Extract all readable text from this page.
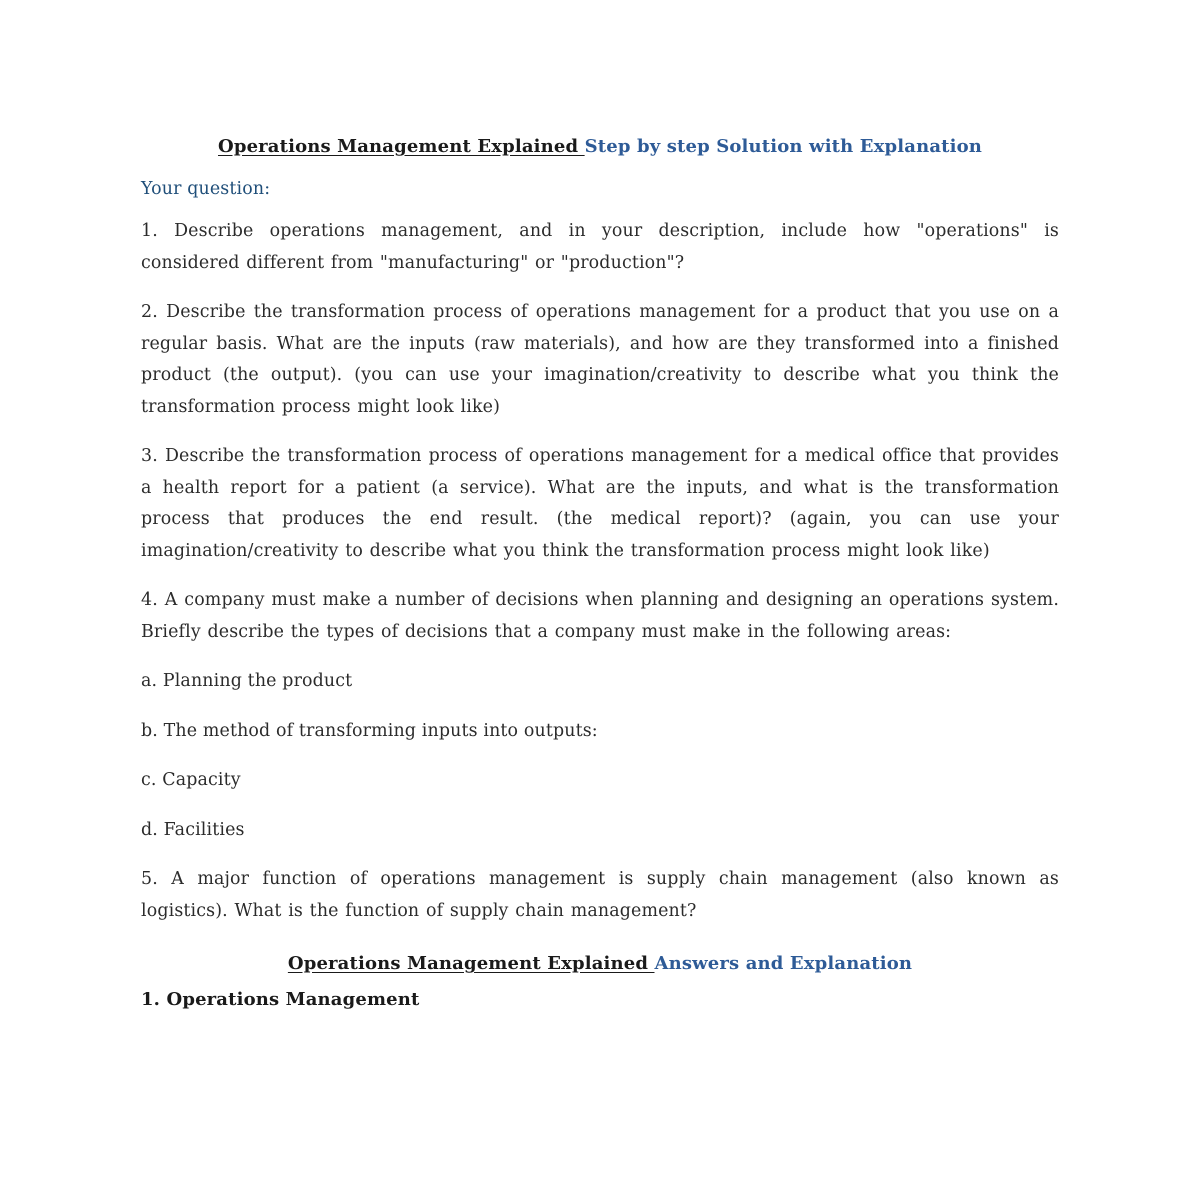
Operations Management Explained Step by step Solution with Explanation
Your question:
1. Describe operations management, and in your description, include how "operations" is considered different from "manufacturing" or "production"?
2. Describe the transformation process of operations management for a product that you use on a regular basis. What are the inputs (raw materials), and how are they transformed into a finished product (the output). (you can use your imagination/creativity to describe what you think the transformation process might look like)
3. Describe the transformation process of operations management for a medical office that provides a health report for a patient (a service). What are the inputs, and what is the transformation process that produces the end result. (the medical report)? (again, you can use your imagination/creativity to describe what you think the transformation process might look like)
4. A company must make a number of decisions when planning and designing an operations system. Briefly describe the types of decisions that a company must make in the following areas:
a. Planning the product
b. The method of transforming inputs into outputs:
c. Capacity
d. Facilities
5. A major function of operations management is supply chain management (also known as logistics). What is the function of supply chain management?
Operations Management Explained Answers and Explanation
1. Operations Management
